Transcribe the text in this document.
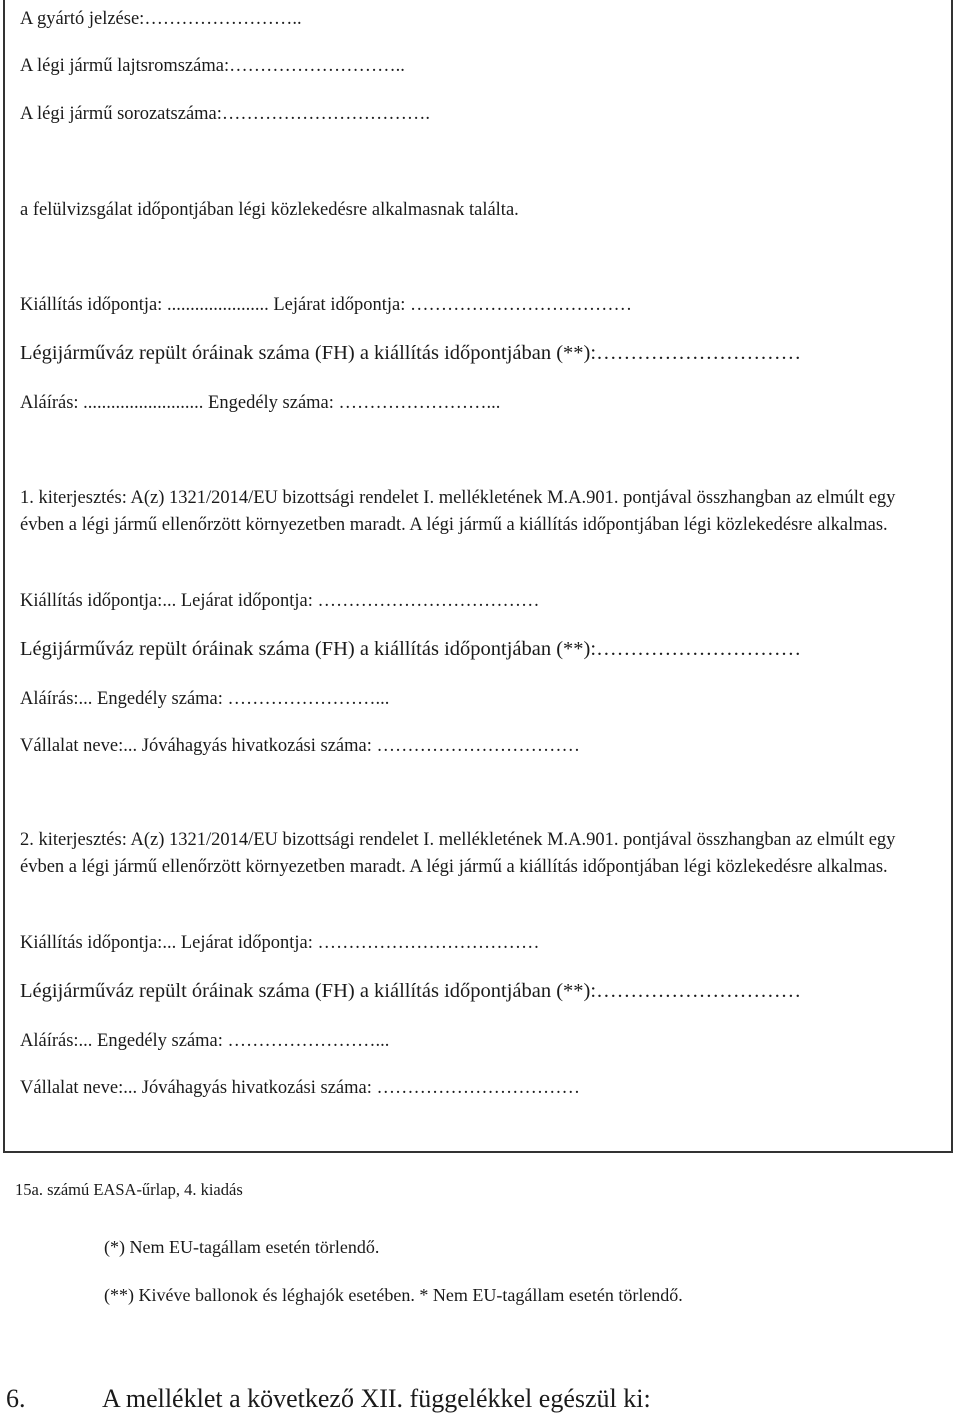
A gyártó jelzése:……………………..
A légi jármű lajtsromszáma:………………………..
A légi jármű sorozatszáma:…………………………….
a felülvizsgálat időpontjában légi közlekedésre alkalmasnak találta.
Kiállítás időpontja: ...................... Lejárat időpontja: ………………………………
Légijárműváz repült óráinak száma (FH) a kiállítás időpontjában (**):…………………………
Aláírás: .......................... Engedély száma: ……………………...
1. kiterjesztés: A(z) 1321/2014/EU bizottsági rendelet I. mellékletének M.A.901. pontjával összhangban az elmúlt egy évben a légi jármű ellenőrzött környezetben maradt. A légi jármű a kiállítás időpontjában légi közlekedésre alkalmas.
Kiállítás időpontja:... Lejárat időpontja: ………………………………
Légijárműváz repült óráinak száma (FH) a kiállítás időpontjában (**):…………………………
Aláírás:... Engedély száma: ……………………...
Vállalat neve:... Jóváhagyás hivatkozási száma: ……………………………
2. kiterjesztés: A(z) 1321/2014/EU bizottsági rendelet I. mellékletének M.A.901. pontjával összhangban az elmúlt egy évben a légi jármű ellenőrzött környezetben maradt. A légi jármű a kiállítás időpontjában légi közlekedésre alkalmas.
Kiállítás időpontja:... Lejárat időpontja: ………………………………
Légijárműváz repült óráinak száma (FH) a kiállítás időpontjában (**):…………………………
Aláírás:... Engedély száma: ……………………...
Vállalat neve:... Jóváhagyás hivatkozási száma: ……………………………
15a. számú EASA-űrlap, 4. kiadás
(*) Nem EU-tagállam esetén törlendő.
(**) Kivéve ballonok és léghajók esetében. * Nem EU-tagállam esetén törlendő.
6.	A melléklet a következő XII. függelékkel egészül ki:
